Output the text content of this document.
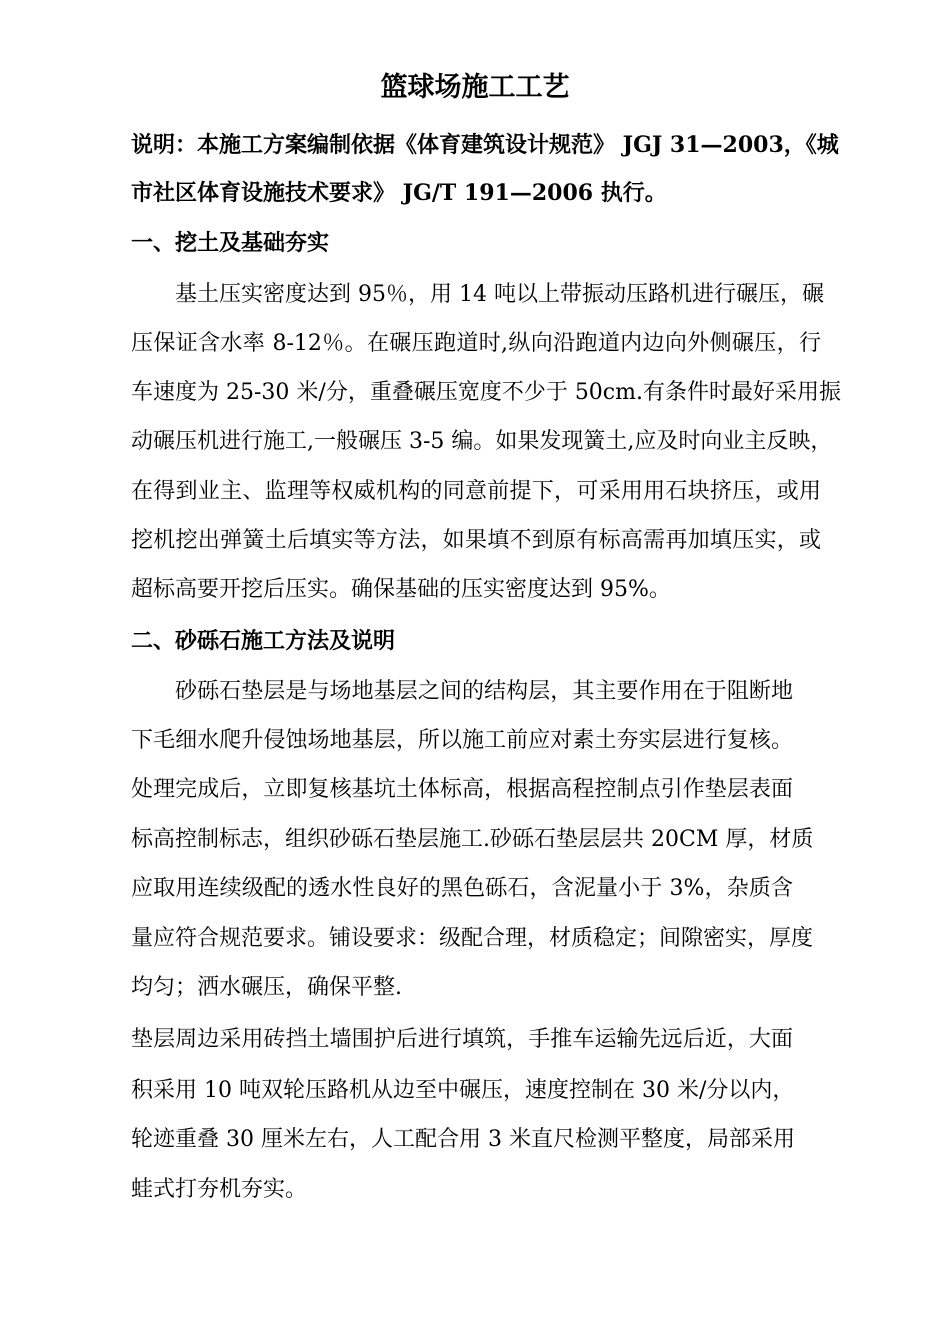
篮球场施工工艺
说明：本施工方案编制依据《体育建筑设计规范》 JGJ 31—2003，《城
市社区体育设施技术要求》 JG/T 191—2006 执行。
一、挖土及基础夯实
基土压实密度达到 95％，用 14 吨以上带振动压路机进行碾压，碾
压保证含水率 8-12％。在碾压跑道时,纵向沿跑道内边向外侧碾压，行
车速度为 25-30 米/分，重叠碾压宽度不少于 50cm.有条件时最好采用振
动碾压机进行施工,一般碾压 3-5 编。如果发现簧土,应及时向业主反映，
在得到业主、监理等权威机构的同意前提下，可采用用石块挤压，或用
挖机挖出弹簧土后填实等方法，如果填不到原有标高需再加填压实，或
超标高要开挖后压实。确保基础的压实密度达到 95%。
二、砂砾石施工方法及说明
砂砾石垫层是与场地基层之间的结构层，其主要作用在于阻断地
下毛细水爬升侵蚀场地基层，所以施工前应对素土夯实层进行复核。
处理完成后，立即复核基坑土体标高，根据高程控制点引作垫层表面
标高控制标志，组织砂砾石垫层施工.砂砾石垫层层共 20CM 厚，材质
应取用连续级配的透水性良好的黑色砾石，含泥量小于 3%，杂质含
量应符合规范要求。铺设要求：级配合理，材质稳定；间隙密实，厚度
均匀；洒水碾压，确保平整.
垫层周边采用砖挡土墙围护后进行填筑，手推车运输先远后近，大面
积采用 10 吨双轮压路机从边至中碾压，速度控制在 30 米/分以内，
轮迹重叠 30 厘米左右，人工配合用 3 米直尺检测平整度，局部采用
蛙式打夯机夯实。
